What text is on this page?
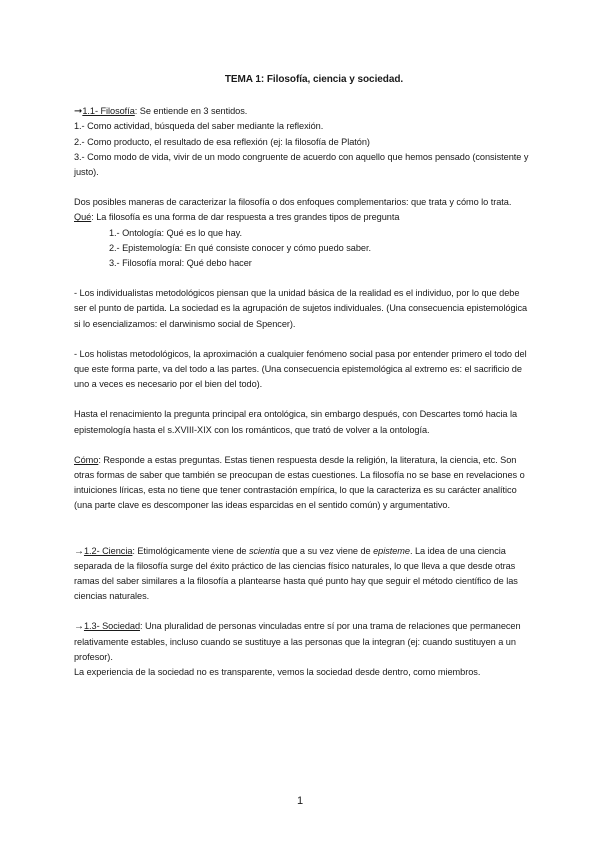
TEMA 1: Filosofía, ciencia y sociedad.

➞1.1- Filosofía: Se entiende en 3 sentidos.

1.- Como actividad, búsqueda del saber mediante la reflexión.

2.- Como producto, el resultado de esa reflexión (ej: la filosofía de Platón)

3.- Como modo de vida, vivir de un modo congruente de acuerdo con aquello que hemos pensado (consistente y justo).

Dos posibles maneras de caracterizar la filosofía o dos enfoques complementarios: que trata y cómo lo trata.

Qué: La filosofía es una forma de dar respuesta a tres grandes tipos de pregunta

1.- Ontología: Qué es lo que hay.

2.- Epistemología: En qué consiste conocer y cómo puedo saber.

3.- Filosofía moral: Qué debo hacer

- Los individualistas metodológicos piensan que la unidad básica de la realidad es el individuo, por lo que debe ser el punto de partida. La sociedad es la agrupación de sujetos individuales. (Una consecuencia epistemológica si lo esencializamos: el darwinismo social de Spencer).

- Los holistas metodológicos, la aproximación a cualquier fenómeno social pasa por entender primero el todo del que este forma parte, va del todo a las partes. (Una consecuencia epistemológica al extremo es: el sacrificio de uno a veces es necesario por el bien del todo).

Hasta el renacimiento la pregunta principal era ontológica, sin embargo después, con Descartes tomó hacia la epistemología hasta el s.XVIII-XIX con los románticos, que trató de volver a la ontología.

Cómo: Responde a estas preguntas. Estas tienen respuesta desde la religión, la literatura, la ciencia, etc. Son otras formas de saber que también se preocupan de estas cuestiones. La filosofía no se base en revelaciones o intuiciones líricas, esta no tiene que tener contrastación empírica, lo que la caracteriza es su carácter analítico (una parte clave es descomponer las ideas esparcidas en el sentido común) y argumentativo.

→1.2- Ciencia: Etimológicamente viene de scientia que a su vez viene de episteme. La idea de una ciencia separada de la filosofía surge del éxito práctico de las ciencias físico naturales, lo que lleva a que desde otras ramas del saber similares a la filosofía a plantearse hasta qué punto hay que seguir el método científico de las ciencias naturales.

→1.3- Sociedad: Una pluralidad de personas vinculadas entre sí por una trama de relaciones que permanecen relativamente estables, incluso cuando se sustituye a las personas que la integran (ej: cuando sustituyen a un profesor).

La experiencia de la sociedad no es transparente, vemos la sociedad desde dentro, como miembros.

1
